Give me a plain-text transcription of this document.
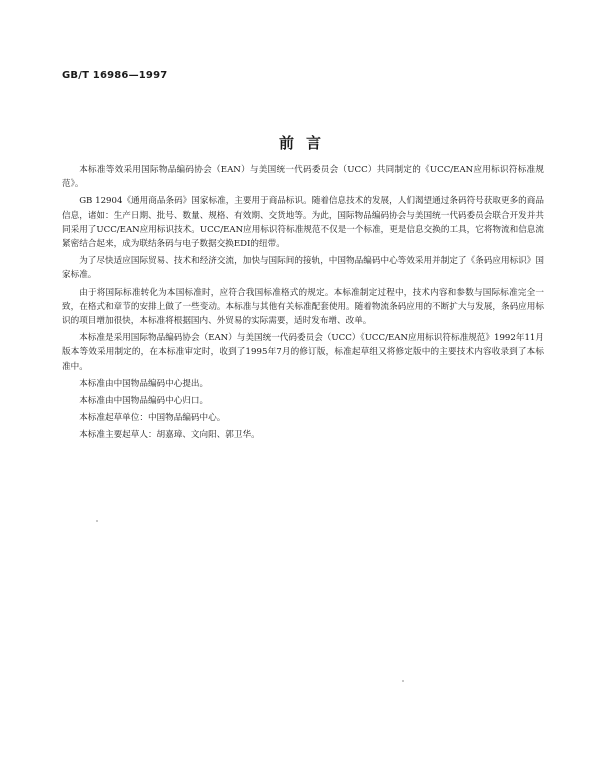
GB/T 16986—1997
前言

本标准等效采用国际物品编码协会（EAN）与美国统一代码委员会（UCC）共同制定的《UCC/EAN应用标识符标准规范》。

GB 12904《通用商品条码》国家标准，主要用于商品标识。随着信息技术的发展，人们渴望通过条码符号获取更多的商品信息，诸如：生产日期、批号、数量、规格、有效期、交货地等。为此，国际物品编码协会与美国统一代码委员会联合开发并共同采用了UCC/EAN应用标识技术。UCC/EAN应用标识符标准规范不仅是一个标准，更是信息交换的工具，它将物流和信息流紧密结合起来，成为联结条码与电子数据交换EDI的纽带。

为了尽快适应国际贸易、技术和经济交流，加快与国际间的接轨，中国物品编码中心等效采用并制定了《条码应用标识》国家标准。

由于将国际标准转化为本国标准时，应符合我国标准格式的规定。本标准制定过程中，技术内容和参数与国际标准完全一致，在格式和章节的安排上做了一些变动。本标准与其他有关标准配套使用。随着物流条码应用的不断扩大与发展，条码应用标识的项目增加很快，本标准将根据国内、外贸易的实际需要，适时发布增、改单。

本标准是采用国际物品编码协会（EAN）与美国统一代码委员会（UCC）《UCC/EAN应用标识符标准规范》1992年11月版本等效采用制定的，在本标准审定时，收到了1995年7月的修订版，标准起草组又将修定版中的主要技术内容收录到了本标准中。

本标准由中国物品编码中心提出。

本标准由中国物品编码中心归口。

本标准起草单位：中国物品编码中心。

本标准主要起草人：胡嘉璋、文向阳、郭卫华。
